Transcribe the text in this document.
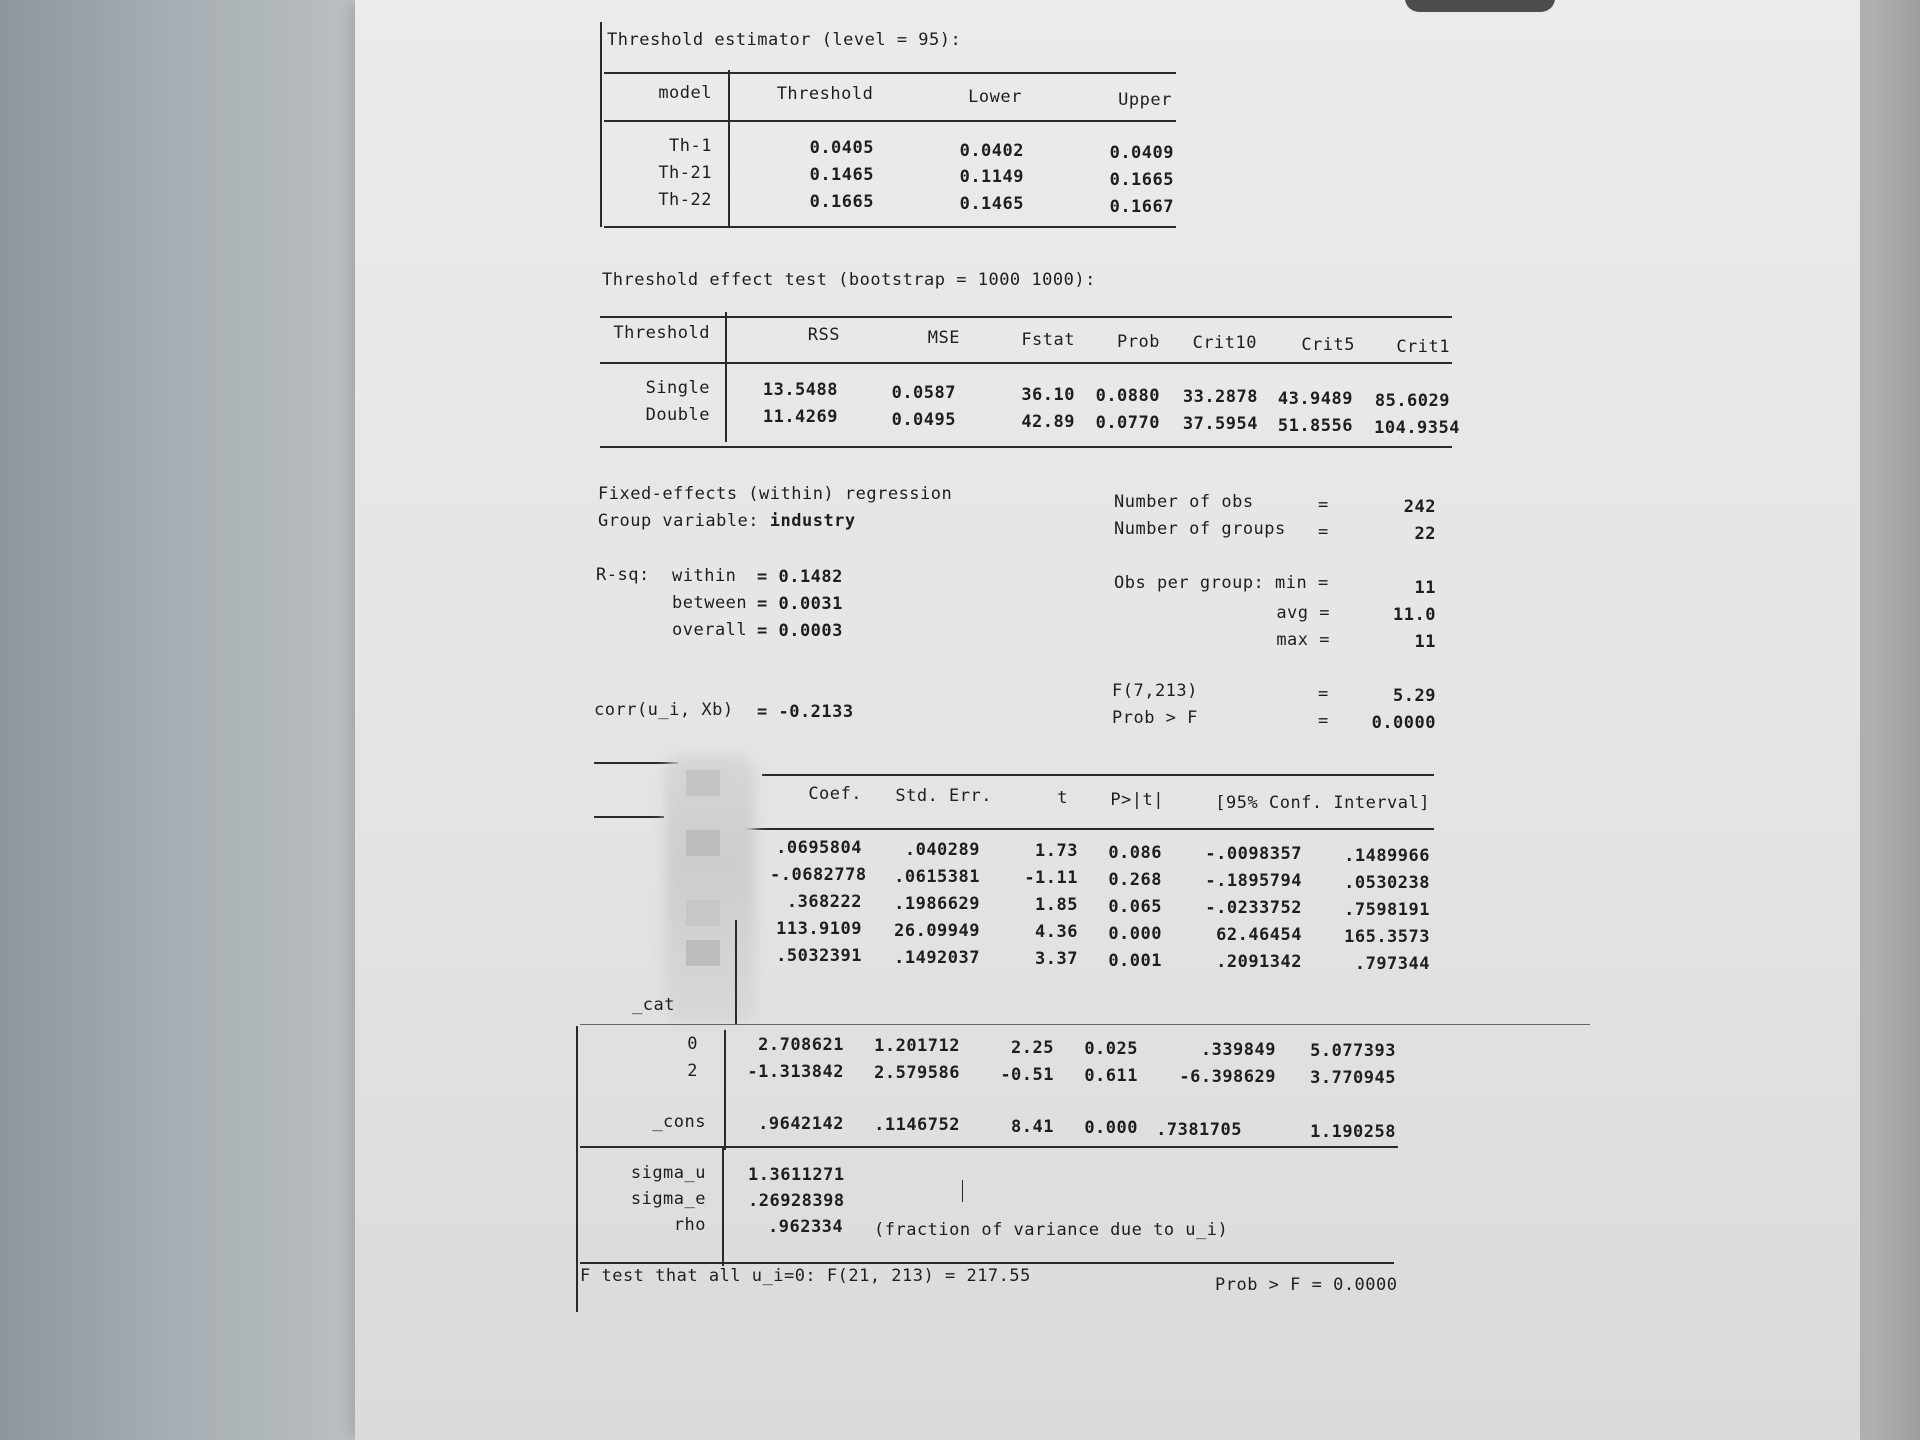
Threshold estimator (level = 95):
model	Threshold	Lower	Upper
Th-1	0.0405	0.0402	0.0409
Th-21	0.1465	0.1149	0.1665
Th-22	0.1665	0.1465	0.1667
Threshold effect test (bootstrap = 1000 1000):
Threshold	RSS	MSE	Fstat	Prob	Crit10	Crit5	Crit1
Single	13.5488	0.0587	36.10	0.0880	33.2878	43.9489	85.6029
Double	11.4269	0.0495	42.89	0.0770	37.5954	51.8556	104.9354
Fixed-effects (within) regression
Group variable: industry
R-sq: within = 0.1482
between = 0.0031
overall = 0.0003
corr(u_i, Xb) = -0.2133
Number of obs	=	242
Number of groups =	22
Obs per group: min =	11
avg =	11.0
max =	11
F(7,213)	=	5.29
Prob > F	=	0.0000
Coef.	Std. Err.	t	P>|t|	[95% Conf. Interval]
.0695804	.040289	1.73	0.086	-.0098357	.1489966
-.0682778	.0615381	-1.11	0.268	-.1895794	.0530238
.368222	.1986629	1.85	0.065	-.0233752	.7598191
113.9109	26.09949	4.36	0.000	62.46454	165.3573
.5032391	.1492037	3.37	0.001	.2091342	.797344
_cat
0	2.708621	1.201712	2.25	0.025	.339849	5.077393
2	-1.313842	2.579586	-0.51	0.611	-6.398629	3.770945
_cons	.9642142	.1146752	8.41	0.000	.7381705	1.190258
sigma_u 1.3611271
sigma_e .26928398
rho	.962334 (fraction of variance due to u_i)
F test that all u_i=0: F(21, 213) = 217.55	Prob > F = 0.0000
